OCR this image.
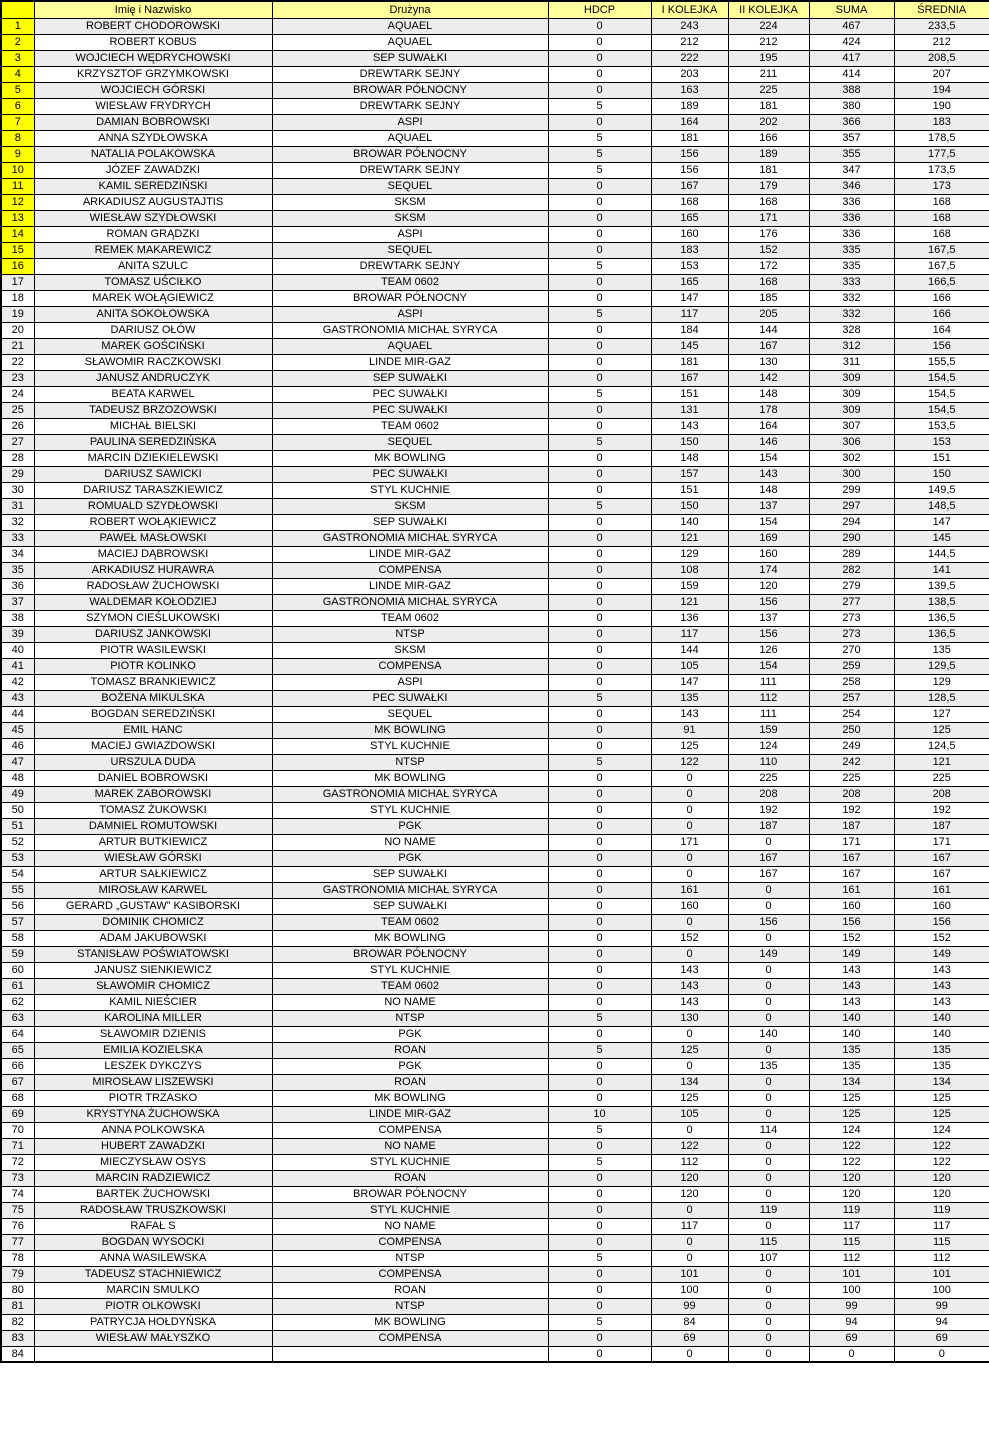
	Imię i Nazwisko	Drużyna	HDCP	I KOLEJKA	II KOLEJKA	SUMA	ŚREDNIA
1	ROBERT CHODOROWSKI	AQUAEL	0	243	224	467	233,5
2	ROBERT KOBUS	AQUAEL	0	212	212	424	212
3	WOJCIECH WĘDRYCHOWSKI	SEP SUWAŁKI	0	222	195	417	208,5
4	KRZYSZTOF GRZYMKOWSKI	DREWTARK SEJNY	0	203	211	414	207
5	WOJCIECH GÓRSKI	BROWAR PÓŁNOCNY	0	163	225	388	194
6	WIESŁAW FRYDRYCH	DREWTARK SEJNY	5	189	181	380	190
7	DAMIAN BOBROWSKI	ASPI	0	164	202	366	183
8	ANNA SZYDŁOWSKA	AQUAEL	5	181	166	357	178,5
9	NATALIA POLAKOWSKA	BROWAR PÓŁNOCNY	5	156	189	355	177,5
10	JÓZEF ZAWADZKI	DREWTARK SEJNY	5	156	181	347	173,5
11	KAMIL SEREDZIŃSKI	SEQUEL	0	167	179	346	173
12	ARKADIUSZ AUGUSTAJTIS	SKSM	0	168	168	336	168
13	WIESŁAW SZYDŁOWSKI	SKSM	0	165	171	336	168
14	ROMAN GRĄDZKI	ASPI	0	160	176	336	168
15	REMEK MAKAREWICZ	SEQUEL	0	183	152	335	167,5
16	ANITA SZULC	DREWTARK SEJNY	5	153	172	335	167,5
17	TOMASZ UŚCIŁKO	TEAM 0602	0	165	168	333	166,5
18	MAREK WOŁĄGIEWICZ	BROWAR PÓŁNOCNY	0	147	185	332	166
19	ANITA SOKOŁOWSKA	ASPI	5	117	205	332	166
20	DARIUSZ OŁÓW	GASTRONOMIA MICHAŁ SYRYCA	0	184	144	328	164
21	MAREK GOŚCIŃSKI	AQUAEL	0	145	167	312	156
22	SŁAWOMIR RACZKOWSKI	LINDE MIR-GAZ	0	181	130	311	155,5
23	JANUSZ ANDRUCZYK	SEP SUWAŁKI	0	167	142	309	154,5
24	BEATA KARWEL	PEC SUWAŁKI	5	151	148	309	154,5
25	TADEUSZ BRZOZOWSKI	PEC SUWAŁKI	0	131	178	309	154,5
26	MICHAŁ BIELSKI	TEAM 0602	0	143	164	307	153,5
27	PAULINA SEREDZIŃSKA	SEQUEL	5	150	146	306	153
28	MARCIN DZIEKIELEWSKI	MK BOWLING	0	148	154	302	151
29	DARIUSZ SAWICKI	PEC SUWAŁKI	0	157	143	300	150
30	DARIUSZ TARASZKIEWICZ	STYL KUCHNIE	0	151	148	299	149,5
31	ROMUALD SZYDŁOWSKI	SKSM	5	150	137	297	148,5
32	ROBERT WOŁĄKIEWICZ	SEP SUWAŁKI	0	140	154	294	147
33	PAWEŁ MASŁOWSKI	GASTRONOMIA MICHAŁ SYRYCA	0	121	169	290	145
34	MACIEJ DĄBROWSKI	LINDE MIR-GAZ	0	129	160	289	144,5
35	ARKADIUSZ HURAWRA	COMPENSA	0	108	174	282	141
36	RADOSŁAW ŻUCHOWSKI	LINDE MIR-GAZ	0	159	120	279	139,5
37	WALDEMAR KOŁODZIEJ	GASTRONOMIA MICHAŁ SYRYCA	0	121	156	277	138,5
38	SZYMON CIEŚLUKOWSKI	TEAM 0602	0	136	137	273	136,5
39	DARIUSZ JANKOWSKI	NTSP	0	117	156	273	136,5
40	PIOTR WASILEWSKI	SKSM	0	144	126	270	135
41	PIOTR KOLINKO	COMPENSA	0	105	154	259	129,5
42	TOMASZ BRANKIEWICZ	ASPI	0	147	111	258	129
43	BOŻENA MIKULSKA	PEC SUWAŁKI	5	135	112	257	128,5
44	BOGDAN SEREDZIŃSKI	SEQUEL	0	143	111	254	127
45	EMIL HANC	MK BOWLING	0	91	159	250	125
46	MACIEJ GWIAZDOWSKI	STYL KUCHNIE	0	125	124	249	124,5
47	URSZULA DUDA	NTSP	5	122	110	242	121
48	DANIEL BOBROWSKI	MK BOWLING	0	0	225	225	225
49	MAREK ZABOROWSKI	GASTRONOMIA MICHAŁ SYRYCA	0	0	208	208	208
50	TOMASZ ŻUKOWSKI	STYL KUCHNIE	0	0	192	192	192
51	DAMNIEL ROMUTOWSKI	PGK	0	0	187	187	187
52	ARTUR BUTKIEWICZ	NO NAME	0	171	0	171	171
53	WIESŁAW GÓRSKI	PGK	0	0	167	167	167
54	ARTUR SAŁKIEWICZ	SEP SUWAŁKI	0	0	167	167	167
55	MIROSŁAW KARWEL	GASTRONOMIA MICHAŁ SYRYCA	0	161	0	161	161
56	GERARD „GUSTAW” KASIBORSKI	SEP SUWAŁKI	0	160	0	160	160
57	DOMINIK CHOMICZ	TEAM 0602	0	0	156	156	156
58	ADAM JAKUBOWSKI	MK BOWLING	0	152	0	152	152
59	STANISŁAW POŚWIATOWSKI	BROWAR PÓŁNOCNY	0	0	149	149	149
60	JANUSZ SIENKIEWICZ	STYL KUCHNIE	0	143	0	143	143
61	SŁAWOMIR CHOMICZ	TEAM 0602	0	143	0	143	143
62	KAMIL NIEŚCIER	NO NAME	0	143	0	143	143
63	KAROLINA MILLER	NTSP	5	130	0	140	140
64	SŁAWOMIR DZIENIS	PGK	0	0	140	140	140
65	EMILIA KOZIELSKA	ROAN	5	125	0	135	135
66	LESZEK DYKCZYS	PGK	0	0	135	135	135
67	MIROSŁAW LISZEWSKI	ROAN	0	134	0	134	134
68	PIOTR TRZASKO	MK BOWLING	0	125	0	125	125
69	KRYSTYNA ŻUCHOWSKA	LINDE MIR-GAZ	10	105	0	125	125
70	ANNA POLKOWSKA	COMPENSA	5	0	114	124	124
71	HUBERT ZAWADZKI	NO NAME	0	122	0	122	122
72	MIECZYSŁAW OSYS	STYL KUCHNIE	5	112	0	122	122
73	MARCIN RADZIEWICZ	ROAN	0	120	0	120	120
74	BARTEK ŻUCHOWSKI	BROWAR PÓŁNOCNY	0	120	0	120	120
75	RADOSŁAW TRUSZKOWSKI	STYL KUCHNIE	0	0	119	119	119
76	RAFAŁ S	NO NAME	0	117	0	117	117
77	BOGDAN WYSOCKI	COMPENSA	0	0	115	115	115
78	ANNA WASILEWSKA	NTSP	5	0	107	112	112
79	TADEUSZ STACHNIEWICZ	COMPENSA	0	101	0	101	101
80	MARCIN SMULKO	ROAN	0	100	0	100	100
81	PIOTR OLKOWSKI	NTSP	0	99	0	99	99
82	PATRYCJA HOŁDYŃSKA	MK BOWLING	5	84	0	94	94
83	WIESŁAW MAŁYSZKO	COMPENSA	0	69	0	69	69
84			0	0	0	0	0
